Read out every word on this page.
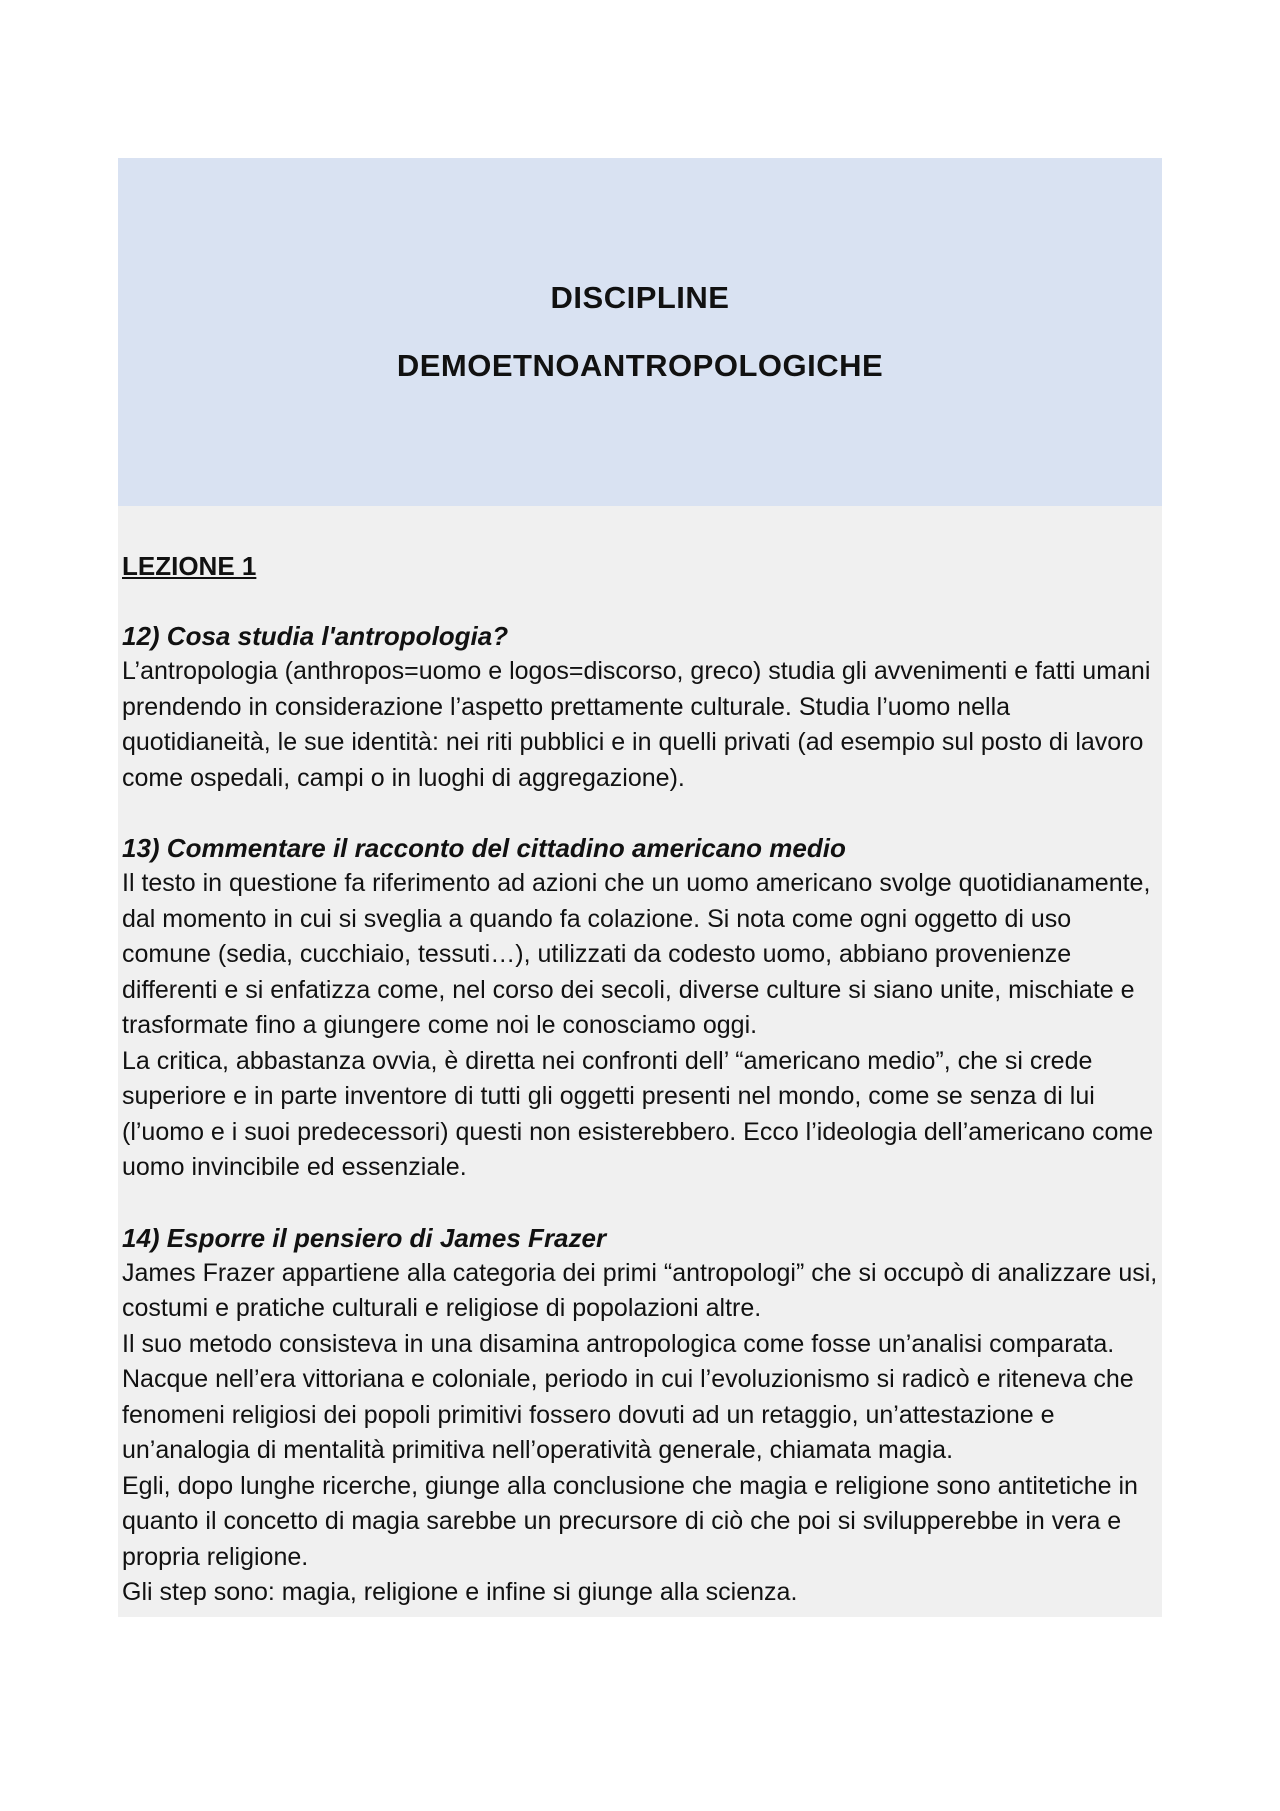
DISCIPLINE
DEMOETNOANTROPOLOGICHE
LEZIONE 1
12) Cosa studia l'antropologia?

L’antropologia (anthropos=uomo e logos=discorso, greco) studia gli avvenimenti e fatti umani prendendo in considerazione l’aspetto prettamente culturale. Studia l’uomo nella quotidianeità, le sue identità: nei riti pubblici e in quelli privati (ad esempio sul posto di lavoro come ospedali, campi o in luoghi di aggregazione).

13) Commentare il racconto del cittadino americano medio

Il testo in questione fa riferimento ad azioni che un uomo americano svolge quotidianamente, dal momento in cui si sveglia a quando fa colazione. Si nota come ogni oggetto di uso comune (sedia, cucchiaio, tessuti…), utilizzati da codesto uomo, abbiano provenienze differenti e si enfatizza come, nel corso dei secoli, diverse culture si siano unite, mischiate e trasformate fino a giungere come noi le conosciamo oggi.

La critica, abbastanza ovvia, è diretta nei confronti dell’ “americano medio”, che si crede superiore e in parte inventore di tutti gli oggetti presenti nel mondo, come se senza di lui (l’uomo e i suoi predecessori) questi non esisterebbero. Ecco l’ideologia dell’americano come uomo invincibile ed essenziale.

14) Esporre il pensiero di James Frazer

James Frazer appartiene alla categoria dei primi “antropologi” che si occupò di analizzare usi, costumi e pratiche culturali e religiose di popolazioni altre.

Il suo metodo consisteva in una disamina antropologica come fosse un’analisi comparata. Nacque nell’era vittoriana e coloniale, periodo in cui l’evoluzionismo si radicò e riteneva che fenomeni religiosi dei popoli primitivi fossero dovuti ad un retaggio, un’attestazione e un’analogia di mentalità primitiva nell’operatività generale, chiamata magia.

Egli, dopo lunghe ricerche, giunge alla conclusione che magia e religione sono antitetiche in quanto il concetto di magia sarebbe un precursore di ciò che poi si svilupperebbe in vera e propria religione.

Gli step sono: magia, religione e infine si giunge alla scienza.
